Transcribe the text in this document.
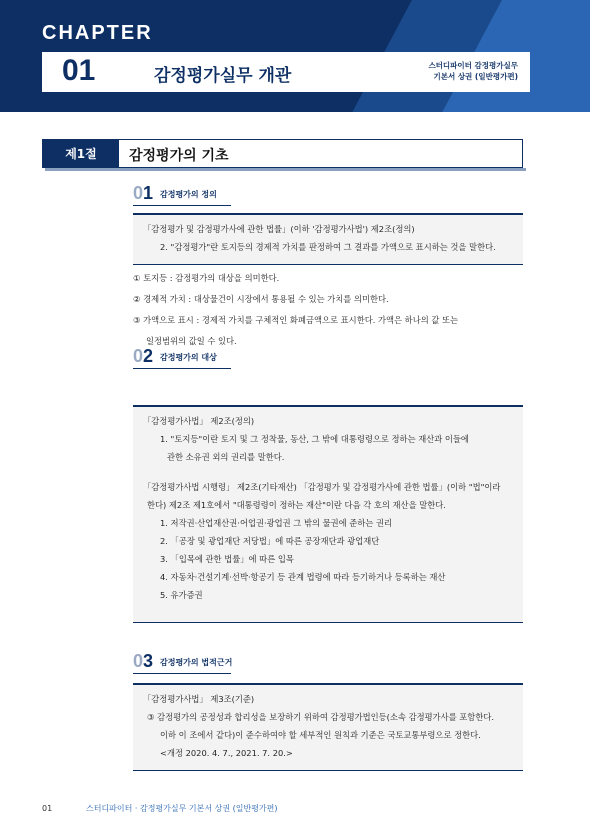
CHAPTER
01	감정평가실무 개관
스터디파이터 감정평가실무
기본서 상권 (일반평가편)
제1절	감정평가의 기초
01 감정평가의 정의

「감정평가 및 감정평가사에 관한 법률」(이하 '감정평가사법') 제2조(정의)

2. "감정평가"란 토지등의 경제적 가치를 판정하여 그 결과를 가액으로 표시하는 것을 말한다.

① 토지등 : 감정평가의 대상을 의미한다.

② 경제적 가치 : 대상물건이 시장에서 통용될 수 있는 가치를 의미한다.

③ 가액으로 표시 : 경제적 가치를 구체적인 화폐금액으로 표시한다. 가액은 하나의 값 또는

일정범위의 값일 수 있다.

02 감정평가의 대상

「감정평가사법」 제2조(정의)

1. "토지등"이란 토지 및 그 정착물, 동산, 그 밖에 대통령령으로 정하는 재산과 이들에

관한 소유권 외의 권리를 말한다.

「감정평가사법 시행령」 제2조(기타재산) 「감정평가 및 감정평가사에 관한 법률」(이하 "법"이라

한다) 제2조 제1호에서 "대통령령이 정하는 재산"이란 다음 각 호의 재산을 말한다.

1. 저작권·산업재산권·어업권·광업권 그 밖의 물권에 준하는 권리

2. 「공장 및 광업재단 저당법」에 따른 공장재단과 광업재단

3. 「입목에 관한 법률」에 따른 입목

4. 자동차·건설기계·선박·항공기 등 관계 법령에 따라 등기하거나 등록하는 재산

5. 유가증권

03 감정평가의 법적근거

「감정평가사법」 제3조(기준)

③ 감정평가의 공정성과 합리성을 보장하기 위하여 감정평가법인등(소속 감정평가사를 포함한다.

이하 이 조에서 같다)이 준수하여야 할 세부적인 원칙과 기준은 국토교통부령으로 정한다.

<개정 2020. 4. 7., 2021. 7. 20.>

01	스터디파이터 · 감정평가실무 기본서 상권 (일반평가편)
